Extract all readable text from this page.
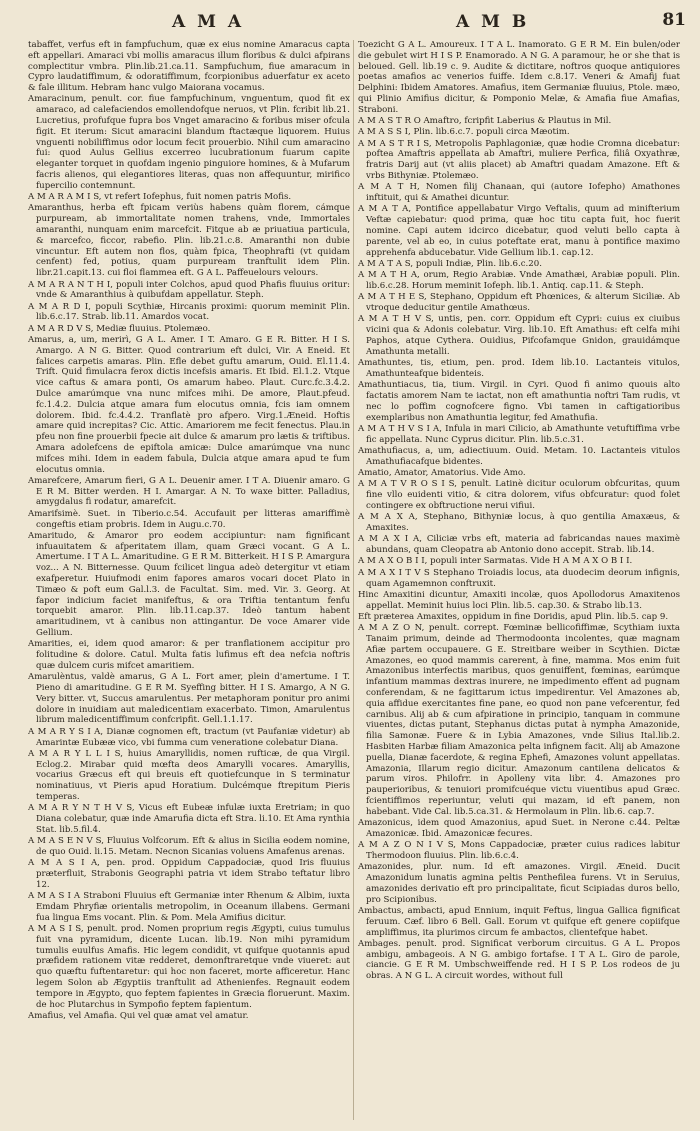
A M A	A M B	81

tabaffet, verfus eft in fampfuchum, quæ ex eius nomine Amaracus capta eft appellari. Amaraci vbi mollis amaracus illum floribus & dulci afpirans complectitur vmbra. Plin.lib.21.ca.11. Sampfuchum, fiue amaracum in Cypro laudatiffimum, & odoratiffimum, fcorpionibus aduerfatur ex aceto & fale illitum. Hebram hanc vulgo Maiorana vocamus.

Amaracinum, penult. cor. fiue fampfuchinum, vnguentum, quod fit ex amaraco, ad calefaciendos emollendofque neruos, vt Plin. fcribit lib.21. Lucretius, profufque fupra bos Vnget amaracino & foribus miser ofcula figit. Et iterum: Sicut amaracini blandum ftactæque liquorem. Huius vnguenti nobiliffimus odor locum fecit prouerbio. Nihil cum amaracino fui: quod Aulus Gellius excerreo lucubrationum fuarum capite eleganter torquet in quofdam ingenio pinguiore homines, & à Mufarum facris alienos, qui elegantiores literas, quas non affequuntur, mirifico fupercilio contemnunt.

A M A R A M I S, vt refert Iofephus, fuit nomen patris Mofis.

Amaranthus, herba eft fpicam veriùs habens quàm florem, cámque purpuream, ab immortalitate nomen trahens, vnde, Immortales amaranthi, nunquam enim marcefcit. Fitque ab æ priuatiua particula, & marcefco, ficcor, rabefio. Plin. lib.21.c.8. Amaranthi non dubie vincuntur. Eft autem non flos, quàm fpica, Theophrafti (vt quidam cenfent) fed, potius, quam purpuream tranftulit idem Plin. libr.21.capit.13. cui floi flammea eft. G A L. Paffeuelours velours.

A M A R A N T H I, populi inter Colchos, apud quod Phafis fluuius oritur: vnde & Amaranthius à quibufdam appellatur. Steph.

A M A R D I, populi Scythiæ, Hircanis proximi: quorum meminit Plin. lib.6.c.17. Strab. lib.11. Amardos vocat.

A M A R D V S, Mediæ fluuius. Ptolemæo.

Amarus, a, um, merirì, G A L. Amer. I T. Amaro. G E R. Bitter. H I S. Amargo. A N G. Bitter. Quod contrarium eft dulci, Vir. A Eneid. Et falices carpetis amaras. Plin. Efle debet guftu amarum, Ouid. El.11.4. Trift. Quid fimulacra ferox dictis incefsis amaris. Et Ibid. El.1.2. Vtque vice caftus & amara ponti, Os amarum habeo. Plaut. Curc.fc.3.4.2. Dulce amarúmque vna nunc mifces mihi. De amore, Plaut.pfeud. fc.1.4.2. Dulcia atque amara fum elocutus omnia, fcis iam omnem dolorem. Ibid. fc.4.4.2. Tranflatè pro afpero. Virg.1.Æneid. Hoftis amare quid increpitas? Cic. Attic. Amariorem me fecit fenectus. Plau.in pfeu non fine prouerbii fpecie ait dulce & amarum pro lætis & triftibus. Amara adolefcens de epiftola amicæ: Dulce amarúmque vna nunc mifces mihi. Idem in eadem fabula, Dulcia atque amara apud te fum elocutus omnia.

Amarefcere, Amarum fieri, G A L. Deuenir amer. I T A. Diuenir amaro. G E R M. Bitter werden. H I. Amargar. A N. To waxe bitter. Palladius, amygdalus fi rodatur, amarefcit.

Amarifsimè. Suet. in Tiberio.c.54. Accufauit per litteras amariffimè congeftis etiam probris. Idem in Augu.c.70.

Amaritudo, & Amaror pro eodem accipiuntur: nam fignificant infuauitatem & afperitatem illam, quam Græci vocant. G A L. Amertume. I T A L. Amaritudine. G E R M. Bitterkeit. H I S P. Amargura voz... A N. Bitternesse. Quum fcilicet lingua adeò detergitur vt etiam exafperetur. Huiufmodi enim fapores amaros vocari docet Plato in Timæo & poft eum Gal.l.3. de Facultat. Sim. med. Vir. 3. Georg. At fapor indicium faciet manifeftus, & ora Triftia tentantum fenfu torquebit amaror. Plin. lib.11.cap.37. Ideò tantum habent amaritudinem, vt à canibus non attingantur. De voce Amarer vide Gellium.

Amarities, ei, idem quod amaror: & per tranflationem accipitur pro folitudine & dolore. Catul. Multa fatis lufimus eft dea nefcia noftris quæ dulcem curis mifcet amaritiem.

Amarulèntus, valdè amarus, G A L. Fort amer, plein d'amertume. I T. Pieno di amaritudine. G E R M. Syeffing bitter. H I S. Amargo, A N G. Very bitter. vt, Succus amarulentus. Per metaphoram ponitur pro animi dolore in inuidiam aut maledicentiam exacerbato. Timon, Amarulentus librum maledicentiffimum confcripfit. Gell.1.1.17.

A M A R Y S I A, Dianæ cognomen eft, tractum (vt Paufaniæ videtur) ab Amarintæ Eubææ vico, vbi fumma cum veneratione colebatur Diana.

A M A R Y L L I S, huius Amaryllidis, nomen rufticæ, de qua Virgil. Eclog.2. Mirabar quid mœfta deos Amarylli vocares. Amaryllis, vocarius Græcus eft qui breuis eft quotiefcunque in S terminatur nominatiuus, vt Pieris apud Horatium. Dulcémque ftrepitum Pieris temperas.

A M A R Y N T H V S, Vicus eft Eubeæ infulæ iuxta Eretriam; in quo Diana colebatur, quæ inde Amarufia dicta eft Stra. li.10. Et Ama rynthia Stat. lib.5.fil.4.

A M A S E N V S, Fluuius Volfcorum. Eft & alius in Sicilia eodem nomine, de quo Ouid. li.15. Metam. Necnon Sicanias voluens Amafenus arenas.

A M A S I A, pen. prod. Oppidum Cappadociæ, quod Iris fluuius præterfluit, Strabonis Geographi patria vt idem Strabo teftatur libro 12.

A M A S I A Straboni Fluuius eft Germaniæ inter Rhenum & Albim, iuxta Emdam Phryfiæ orientalis metropolim, in Oceanum illabens. Germani fua lingua Ems vocant. Plin. & Pom. Mela Amifius dicitur.

A M A S I S, penult. prod. Nomen proprium regis Ægypti, cuius tumulus fuit vna pyramidum, dicente Lucan. lib.19. Non mihi pyramidum tumulis euulfus Amafis. Hic legem condidit, vt quifque quotannis apud præfidem rationem vitæ redderet, demonftraretque vnde viueret: aut quo quæftu fuftentaretur: qui hoc non faceret, morte afficeretur. Hanc legem Solon ab Ægyptiis tranftulit ad Athenienfes. Regnauit eodem tempore in Ægypto, quo feptem fapientes in Græcia floruerunt. Maxim. de hoc Plutarchus in Sympofio feptem fapientum.

Amafius, vel Amafia. Qui vel quæ amat vel amatur.

Toezicht G A L. Amoureux. I T A L. Inamorato. G E R M. Ein bulen/oder die gebulet wirt H I S P. Enamorado. A N G. A paramour, he or she that is beloued. Gell. lib.19 c. 9. Audite & dictitare, noftros quoque antiquiores poetas amafios ac venerios fuiffe. Idem c.8.17. Veneri & Amafij fuat Delphini: Ibidem Amatores. Amafius, item Germaniæ fluuius, Ptole. mæo, qui Plinio Amifius dicitur, & Pomponio Melæ, & Amafia fiue Amafias, Straboni.

A M A S T R O Amaftro, fcripfit Laberius & Plautus in Mil.

A M A S S I, Plin. lib.6.c.7. populi circa Mæotim.

A M A S T R I S, Metropolis Paphlagoniæ, quæ hodie Cromna dicebatur: poftea Amaftris appellata ab Amaftri, muliere Perfica, filiâ Oxyathræ, fratris Darij aut (vt aliis placet) ab Amaftri quadam Amazone. Eft & vrbs Bithyniæ. Ptolemæo.

A M A T H, Nomen filij Chanaan, qui (autore Iofepho) Amathones inftituit, qui & Amathei dicuntur.

A M A T A, Pontifice appellabatur Virgo Veftalis, quum ad minifterium Veftæ capiebatur: quod prima, quæ hoc titu capta fuit, hoc fuerit nomine. Capi autem idcirco dicebatur, quod veluti bello capta à parente, vel ab eo, in cuius poteftate erat, manu à pontifice maximo apprehenfa abducebatur. Vide Gellium lib.1. cap.12.

A M A T A S, populi Indiæ, Plin. lib.6.c.20.

A M A T H A, orum, Regio Arabiæ. Vnde Amathæi, Arabiæ populi. Plin. lib.6.c.28. Horum meminit Iofeph. lib.1. Antiq. cap.11. & Steph.

A M A T H E S, Stephano, Oppidum eft Phœnices, & alterum Siciliæ. Ab vtroque deducitur gentile Amathœus.

A M A T H V S, untis, pen. corr. Oppidum eft Cypri: cuius ex ciuibus vicini qua & Adonis colebatur. Virg. lib.10. Eft Amathus: eft celfa mihi Paphos, atque Cythera. Ouidius, Pifcofamque Gnidon, grauidámque Amathunta metalli.

Amathuntes, tis, etium, pen. prod. Idem lib.10. Lactanteis vitulos, Amathunteafque bidenteis.

Amathuntiacus, tia, tium. Virgil. in Cyri. Quod fi animo quouis alto factatis amorem Nam te iactat, non eft amathuntia noftri Tam rudis, vt nec lo poffim cognofcere figno. Vbi tamen in caftigatioribus exemplaribus non Amathuntia legitur, fed Amathufia.

A M A T H V S I A, Infula in mari Cilicio, ab Amathunte vetuftiffima vrbe fic appellata. Nunc Cyprus dicitur. Plin. lib.5.c.31.

Amathufiacus, a, um, adiectiuum. Ouid. Metam. 10. Lactanteis vitulos Amathufiacafque bidentes.

Amatio, Amator, Amatorius. Vide Amo.

A M A T V R O S I S, penult. Latinè dicitur oculorum obfcuritas, quum fine vllo euidenti vitio, & citra dolorem, vifus obfcuratur: quod folet contingere ex obftructione nerui vifiui.

A M A X A, Stephano, Bithyniæ locus, à quo gentilia Amaxæus, & Amaxites.

A M A X I A, Ciliciæ vrbs eft, materia ad fabricandas naues maximè abundans, quam Cleopatra ab Antonio dono accepit. Strab. lib.14.

A M A X O B I I, populi inter Sarmatas. Vide H A M A X O B I I.

A M A X I T V S Stephano Troiadis locus, ata duodecim deorum infignis, quam Agamemnon conftruxit.

Hinc Amaxitini dicuntur, Amaxiti incolæ, quos Apollodorus Amaxitenos appellat. Meminit huius loci Plin. lib.5. cap.30. & Strabo lib.13.

Eft præterea Amaxites, oppidum in fine Doridis, apud Plin. lib.5. cap 9.

A M A Z O N, penult. corrept. Fœminæ bellicofiffimæ, Scythiam iuxta Tanaim primum, deinde ad Thermodoonta incolentes, quæ magnam Afiæ partem occupauere. G E. Streitbare weiber in Scythien. Dictæ Amazones, eo quod mammis carerent, à fine, mamma. Mos enim fuit Amazonibus interfectis maribus, quos genuiffent, fœminas, earúmque infantium mammas dextras inurere, ne impedimento effent ad pugnam conferendam, & ne fagittarum ictus impedirentur. Vel Amazones ab, quia affidue exercitantes fine pane, eo quod non pane vefcerentur, fed carnibus. Alij ab & cum afpiratione in principio, tanquam in commune viuentes, dictas putant, Stephanus dictas putat à nympha Amazonide, filia Samonæ. Fuere & in Lybia Amazones, vnde Silius Ital.lib.2. Hasbiten Harbæ filiam Amazonica pelta infignem facit. Alij ab Amazone puella, Dianæ facerdote, & regina Ephefi, Amazones volunt appellatas. Amazonia, Illarum regio dicitur. Amazonum cantilena delicatos & parum viros. Philofrr. in Apolleny vita libr. 4. Amazones pro pauperioribus, & tenuiori promifcuéque victu viuentibus apud Græc. fcientiffimos reperiuntur, veluti qui mazam, id eft panem, non habebant. Vide Cal. lib.5.ca.31. & Hermolaum in Plin. lib.6. cap.7.

Amazonicus, idem quod Amazonius, apud Suet. in Nerone c.44. Peltæ Amazonicæ. Ibid. Amazonicæ fecures.

A M A Z O N I V S, Mons Cappadociæ, præter cuius radices labitur Thermodoon fluuius. Plin. lib.6.c.4.

Amazonides, plur. num. Id eft amazones. Virgil. Æneid. Ducit Amazonidum lunatis agmina peltis Penthefilea furens. Vt in Seruius, amazonides derivatio eft pro principalitate, ficut Scipiadas duros bello, pro Scipionibus.

Ambactus, ambacti, apud Ennium, inquit Feftus, lingua Gallica fignificat feruum. Cæf. libro 6 Bell. Gall. Eorum vt quifque eft genere copiifque ampliffimus, ita plurimos circum fe ambactos, clientefque habet.

Ambages. penult. prod. Significat verborum circuitus. G A L. Propos ambigu, ambageois. A N G. ambigo fortafse. I T A L. Giro de parole, ciancie. G E R M. Umbschweiffende red. H I S P. Los rodeos de ju obras. A N G L. A circuit wordes, without full
